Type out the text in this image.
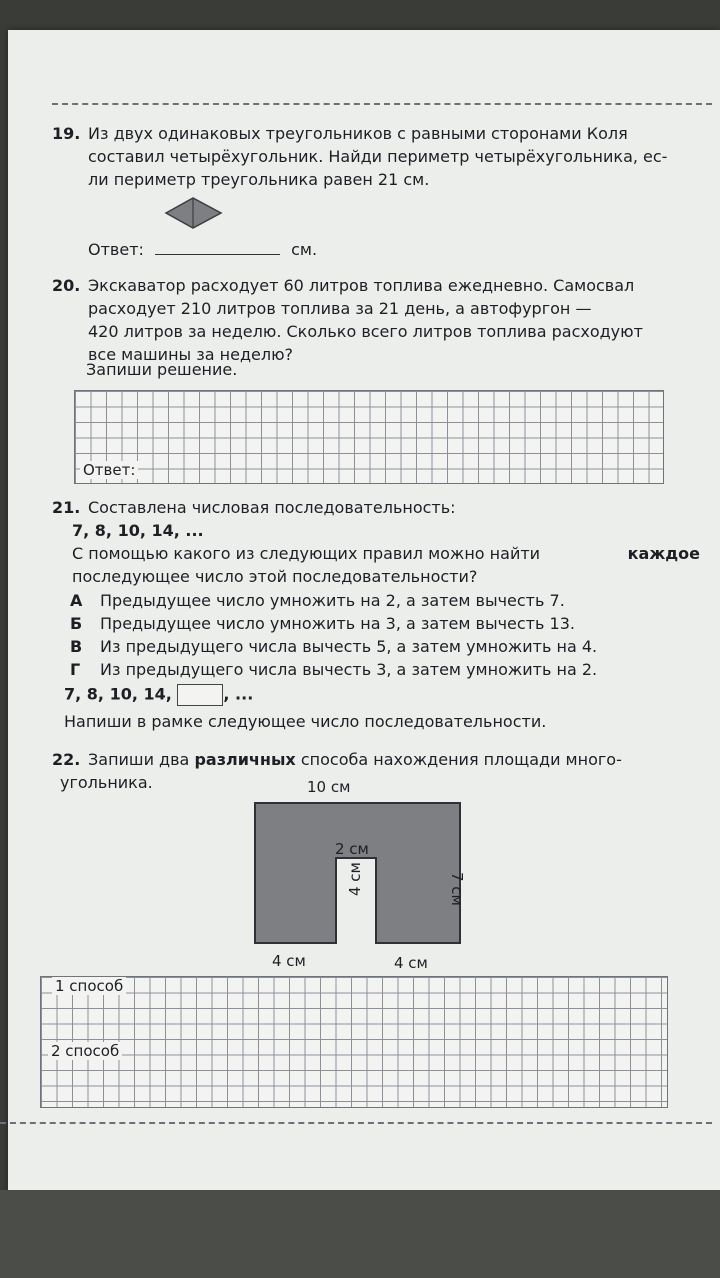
19. Из двух одинаковых треугольников с равными сторонами Коля
составил четырёхугольник. Найди периметр четырёхугольника, ес-
ли периметр треугольника равен 21 см.
Ответ:	см.
20. Экскаватор расходует 60 литров топлива ежедневно. Самосвал
расходует 210 литров топлива за 21 день, а автофургон —
420 литров за неделю. Сколько всего литров топлива расходуют
все машины за неделю?
Запиши решение.
Ответ:
21. Составлена числовая последовательность:
7, 8, 10, 14, ...
С помощью какого из следующих правил можно найти	каждое
последующее число этой последовательности?
А	Предыдущее число умножить на 2, а затем вычесть 7.
Б	Предыдущее число умножить на 3, а затем вычесть 13.
В	Из предыдущего числа вычесть 5, а затем умножить на 4.
Г	Из предыдущего числа вычесть 3, а затем умножить на 2.
7, 8, 10, 14,	, ...
Напиши в рамке следующее число последовательности.
22. Запиши два различных способа нахождения площади много-
угольника.	10 см
2 см
4 см	7 см
4 см	4 см
1 способ
2 способ
